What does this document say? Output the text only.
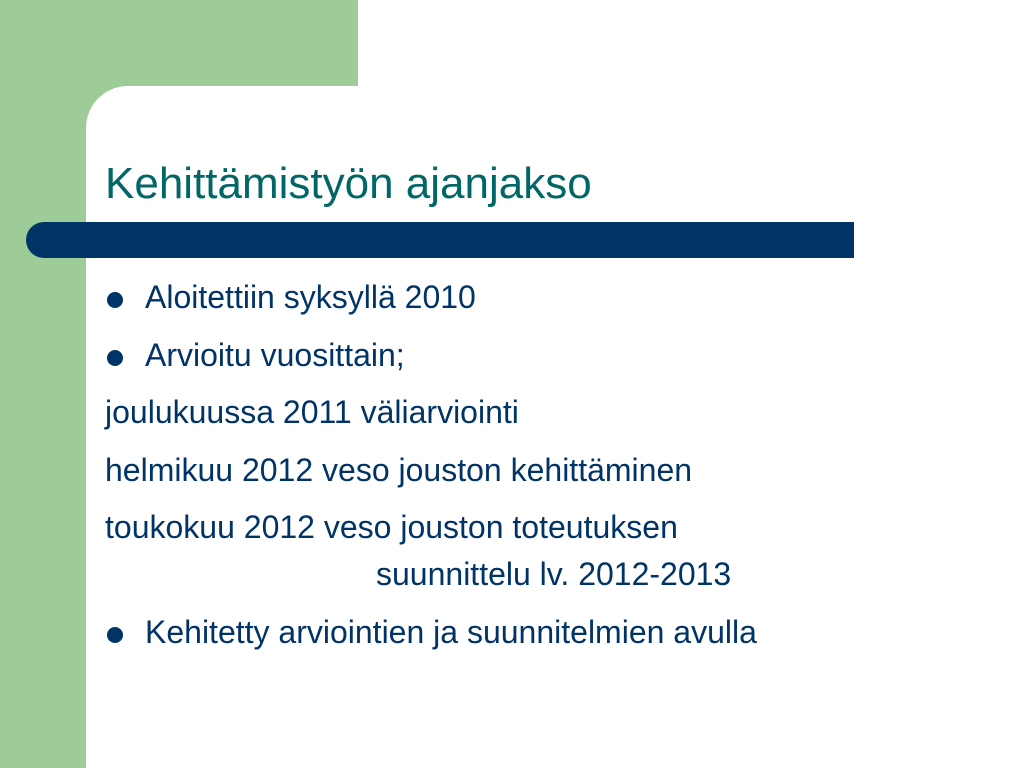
Kehittämistyön ajanjakso
Aloitettiin syksyllä 2010
Arvioitu vuosittain;
joulukuussa 2011 väliarviointi
helmikuu 2012 veso jouston kehittäminen
toukokuu 2012 veso jouston toteutuksen
suunnittelu lv. 2012-2013
Kehitetty arviointien ja suunnitelmien avulla
